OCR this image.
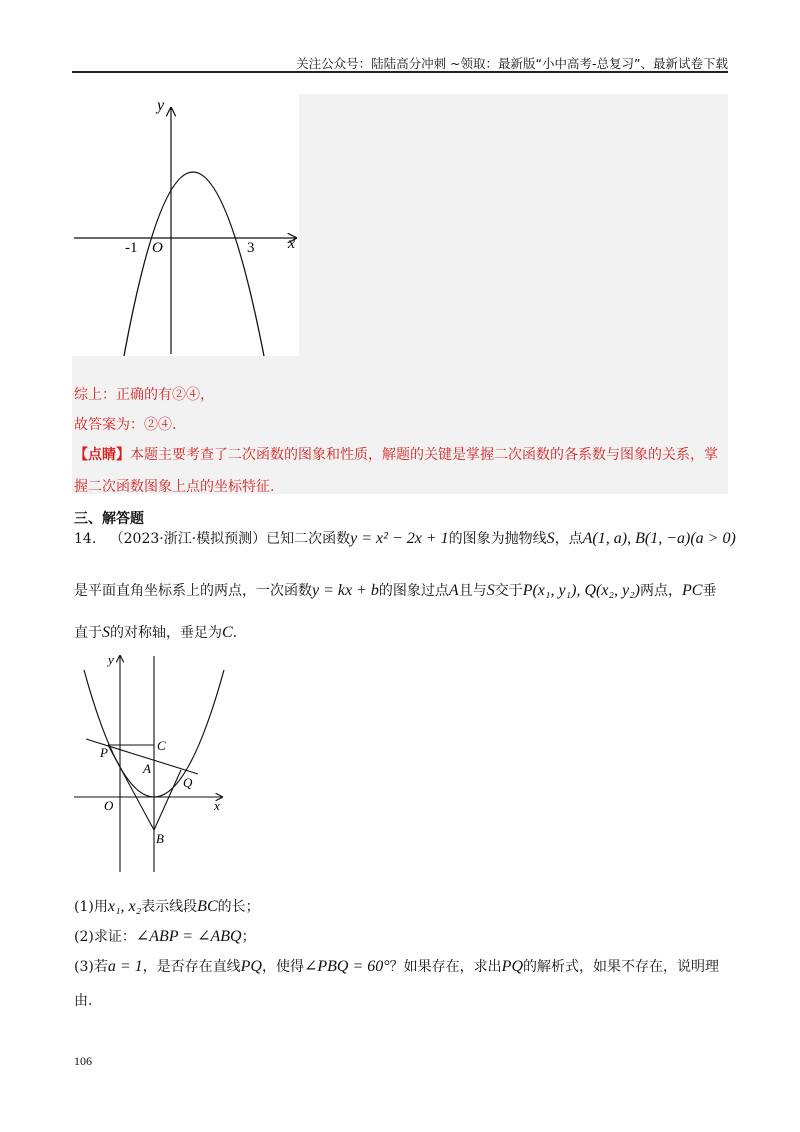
关注公众号：陆陆高分冲刺 ~领取：最新版“小中高考-总复习”、最新试卷下载
y
x
O
-1	3
综上：正确的有②④，
故答案为：②④.
【点睛】本题主要考查了二次函数的图象和性质，解题的关键是掌握二次函数的各系数与图象的关系，掌
握二次函数图象上点的坐标特征.
三、解答题
14. （2023·浙江·模拟预测）已知二次函数y = x² − 2x + 1的图象为抛物线S，点A(1, a), B(1, −a)(a > 0)
是平面直角坐标系上的两点，一次函数y = kx + b的图象过点A且与S交于P(x₁, y₁), Q(x₂, y₂)两点，PC垂
直于S的对称轴，垂足为C.
y
x
O
P	C
A
Q
B
(1)用x₁, x₂表示线段BC的长；
(2)求证：∠ABP = ∠ABQ；
(3)若a = 1，是否存在直线PQ，使得∠PBQ = 60°？如果存在，求出PQ的解析式，如果不存在，说明理
由.
106
